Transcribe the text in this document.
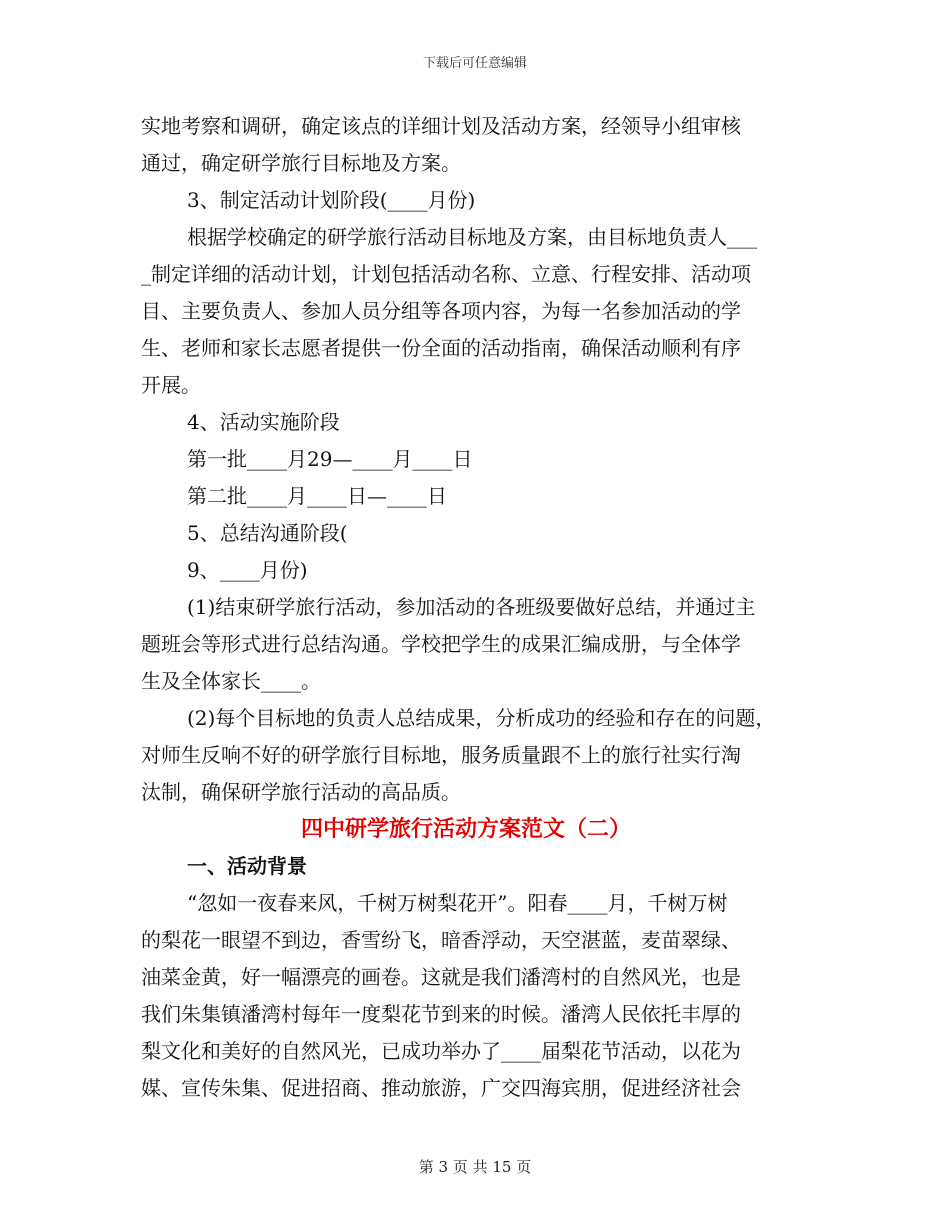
下载后可任意编辑
实地考察和调研，确定该点的详细计划及活动方案，经领导小组审核
通过，确定研学旅行目标地及方案。
3、制定活动计划阶段(____月份)
根据学校确定的研学旅行活动目标地及方案，由目标地负责人___
_制定详细的活动计划，计划包括活动名称、立意、行程安排、活动项
目、主要负责人、参加人员分组等各项内容，为每一名参加活动的学
生、老师和家长志愿者提供一份全面的活动指南，确保活动顺利有序
开展。
4、活动实施阶段
第一批____月29—____月____日
第二批____月____日—____日
5、总结沟通阶段(
9、____月份)
(1)结束研学旅行活动，参加活动的各班级要做好总结，并通过主
题班会等形式进行总结沟通。学校把学生的成果汇编成册，与全体学
生及全体家长____。
(2)每个目标地的负责人总结成果，分析成功的经验和存在的问题，
对师生反响不好的研学旅行目标地，服务质量跟不上的旅行社实行淘
汰制，确保研学旅行活动的高品质。
四中研学旅行活动方案范文（二）
一、活动背景
“忽如一夜春来风，千树万树梨花开”。阳春____月，千树万树
的梨花一眼望不到边，香雪纷飞，暗香浮动，天空湛蓝，麦苗翠绿、
油菜金黄，好一幅漂亮的画卷。这就是我们潘湾村的自然风光，也是
我们朱集镇潘湾村每年一度梨花节到来的时候。潘湾人民依托丰厚的
梨文化和美好的自然风光，已成功举办了____届梨花节活动，以花为
媒、宣传朱集、促进招商、推动旅游，广交四海宾朋，促进经济社会
第 3 页 共 15 页
